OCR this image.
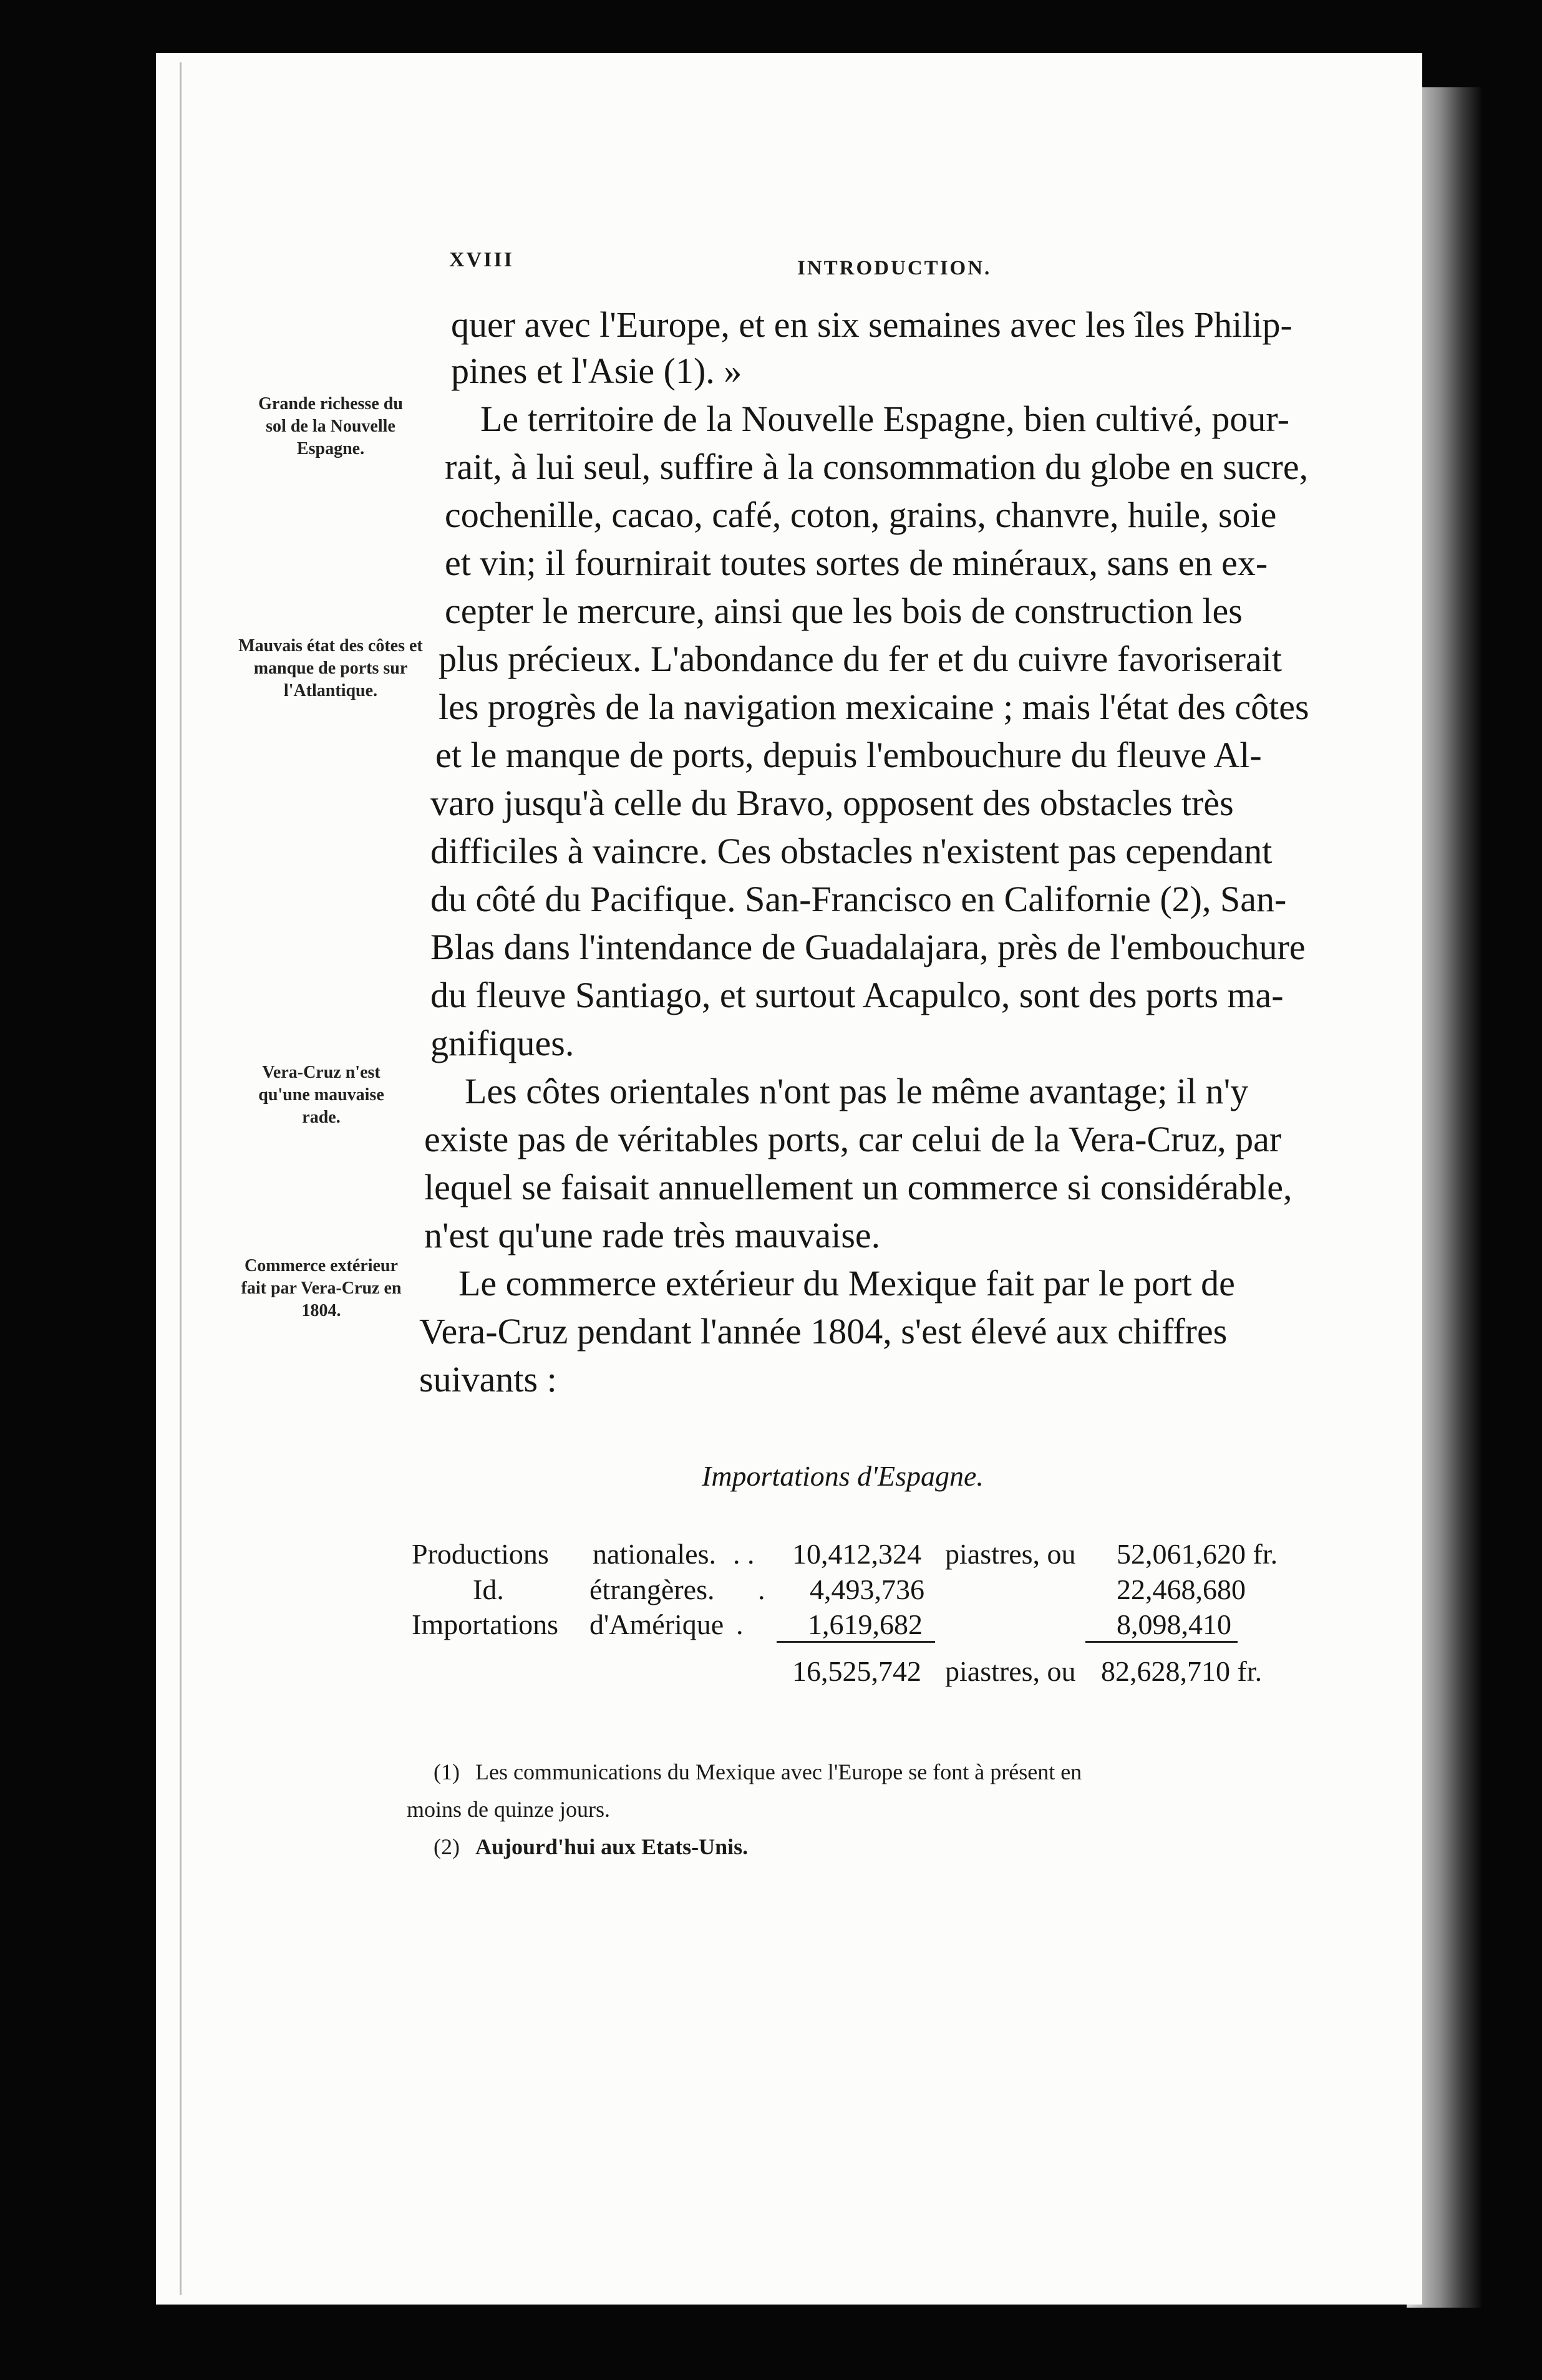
XVIII	INTRODUCTION.
Grande richesse du sol de la Nouvelle Espagne.
Mauvais état des côtes et manque de ports sur l'Atlantique.
Vera-Cruz n'est qu'une mauvaise rade.
Commerce extérieur fait par Vera-Cruz en 1804.
quer avec l'Europe, et en six semaines avec les îles Philip-
pines et l'Asie (1). »
Le territoire de la Nouvelle Espagne, bien cultivé, pour-
rait, à lui seul, suffire à la consommation du globe en sucre,
cochenille, cacao, café, coton, grains, chanvre, huile, soie
et vin; il fournirait toutes sortes de minéraux, sans en ex-
cepter le mercure, ainsi que les bois de construction les
plus précieux. L'abondance du fer et du cuivre favoriserait
les progrès de la navigation mexicaine ; mais l'état des côtes
et le manque de ports, depuis l'embouchure du fleuve Al-
varo jusqu'à celle du Bravo, opposent des obstacles très
difficiles à vaincre. Ces obstacles n'existent pas cependant
du côté du Pacifique. San-Francisco en Californie (2), San-
Blas dans l'intendance de Guadalajara, près de l'embouchure
du fleuve Santiago, et surtout Acapulco, sont des ports ma-
gnifiques.
Les côtes orientales n'ont pas le même avantage; il n'y
existe pas de véritables ports, car celui de la Vera-Cruz, par
lequel se faisait annuellement un commerce si considérable,
n'est qu'une rade très mauvaise.
Le commerce extérieur du Mexique fait par le port de
Vera-Cruz pendant l'année 1804, s'est élevé aux chiffres
suivants :
Importations d'Espagne.
Productions nationales. . . 10,412,324 piastres, ou 52,061,620 fr.
Id.	étrangères. . 4,493,736	22,468,680
Importations d'Amérique .	1,619,682	8,098,410
16,525,742 piastres, ou 82,628,710 fr.
(1) Les communications du Mexique avec l'Europe se font à présent en
moins de quinze jours.
(2) Aujourd'hui aux Etats-Unis.
